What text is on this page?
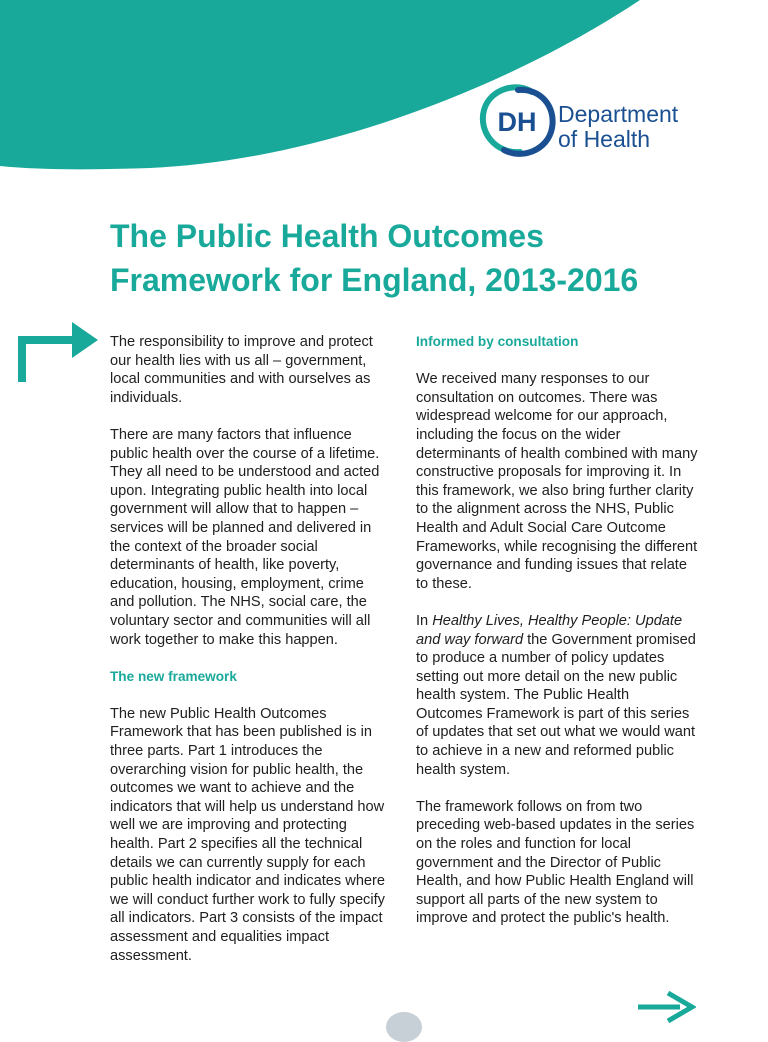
DH Department
of Health
The Public Health Outcomes
Framework for England, 2013-2016

The responsibility to improve and protect our health lies with us all – government, local communities and with ourselves as individuals.

There are many factors that influence public health over the course of a lifetime. They all need to be understood and acted upon. Integrating public health into local government will allow that to happen – services will be planned and delivered in the context of the broader social determinants of health, like poverty, education, housing, employment, crime and pollution. The NHS, social care, the voluntary sector and communities will all work together to make this happen.

The new framework

The new Public Health Outcomes Framework that has been published is in three parts. Part 1 introduces the overarching vision for public health, the outcomes we want to achieve and the indicators that will help us understand how well we are improving and protecting health. Part 2 specifies all the technical details we can currently supply for each public health indicator and indicates where we will conduct further work to fully specify all indicators. Part 3 consists of the impact assessment and equalities impact assessment.

Informed by consultation

We received many responses to our consultation on outcomes. There was widespread welcome for our approach, including the focus on the wider determinants of health combined with many constructive proposals for improving it. In this framework, we also bring further clarity to the alignment across the NHS, Public Health and Adult Social Care Outcome Frameworks, while recognising the different governance and funding issues that relate to these.

In Healthy Lives, Healthy People: Update and way forward the Government promised to produce a number of policy updates setting out more detail on the new public health system. The Public Health Outcomes Framework is part of this series of updates that set out what we would want to achieve in a new and reformed public health system.

The framework follows on from two preceding web-based updates in the series on the roles and function for local government and the Director of Public Health, and how Public Health England will support all parts of the new system to improve and protect the public's health.
